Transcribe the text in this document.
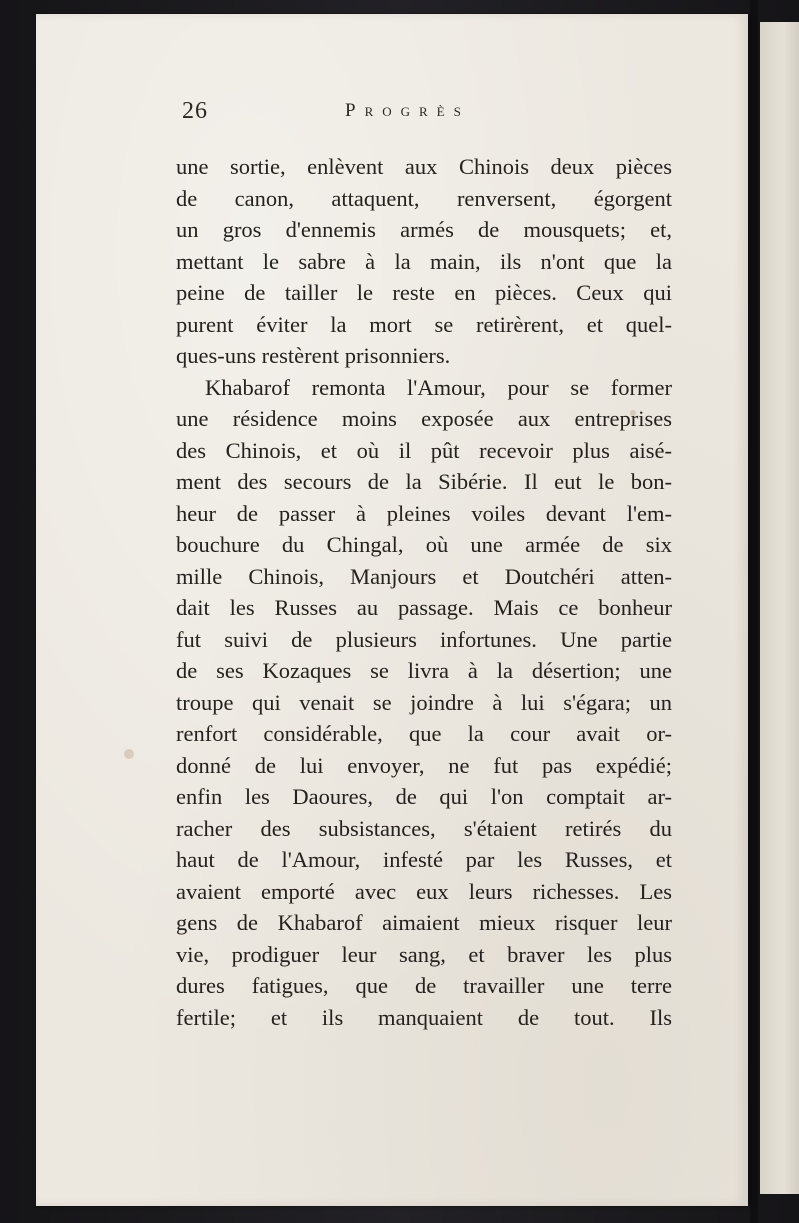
26	Progrès
une sortie, enlèvent aux Chinois deux pièces
de canon, attaquent, renversent, égorgent
un gros d'ennemis armés de mousquets; et,
mettant le sabre à la main, ils n'ont que la
peine de tailler le reste en pièces. Ceux qui
purent éviter la mort se retirèrent, et quel-
ques-uns restèrent prisonniers.
Khabarof remonta l'Amour, pour se former
une résidence moins exposée aux entreprises
des Chinois, et où il pût recevoir plus aisé-
ment des secours de la Sibérie. Il eut le bon-
heur de passer à pleines voiles devant l'em-
bouchure du Chingal, où une armée de six
mille Chinois, Manjours et Doutchéri atten-
dait les Russes au passage. Mais ce bonheur
fut suivi de plusieurs infortunes. Une partie
de ses Kozaques se livra à la désertion; une
troupe qui venait se joindre à lui s'égara; un
renfort considérable, que la cour avait or-
donné de lui envoyer, ne fut pas expédié;
enfin les Daoures, de qui l'on comptait ar-
racher des subsistances, s'étaient retirés du
haut de l'Amour, infesté par les Russes, et
avaient emporté avec eux leurs richesses. Les
gens de Khabarof aimaient mieux risquer leur
vie, prodiguer leur sang, et braver les plus
dures fatigues, que de travailler une terre
fertile; et ils manquaient de tout. Ils
